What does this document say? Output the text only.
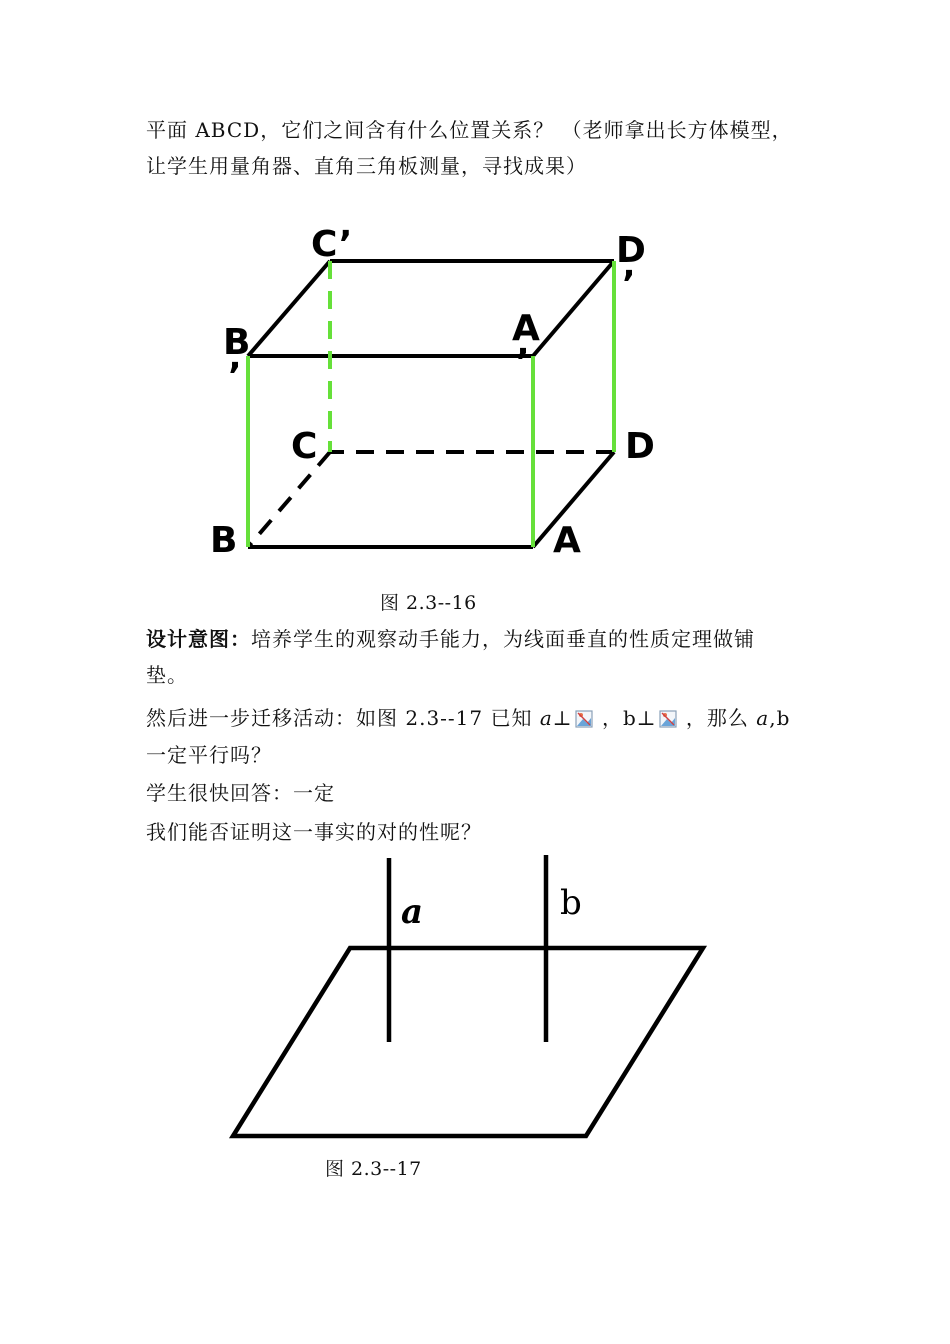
平面 ABCD，它们之间含有什么位置关系？ （老师拿出长方体模型，

让学生用量角器、直角三角板测量，寻找成果）

C’	D
’
B
’
A
’
C	D
B	A

图 2.3--16

设计意图：培养学生的观察动手能力，为线面垂直的性质定理做铺

垫。

然后进一步迁移活动：如图 2.3--17 已知 a⊥ ，b⊥ ，那么 a,b

一定平行吗？

学生很快回答：一定

我们能否证明这一事实的对的性呢？

a	b

图 2.3--17
